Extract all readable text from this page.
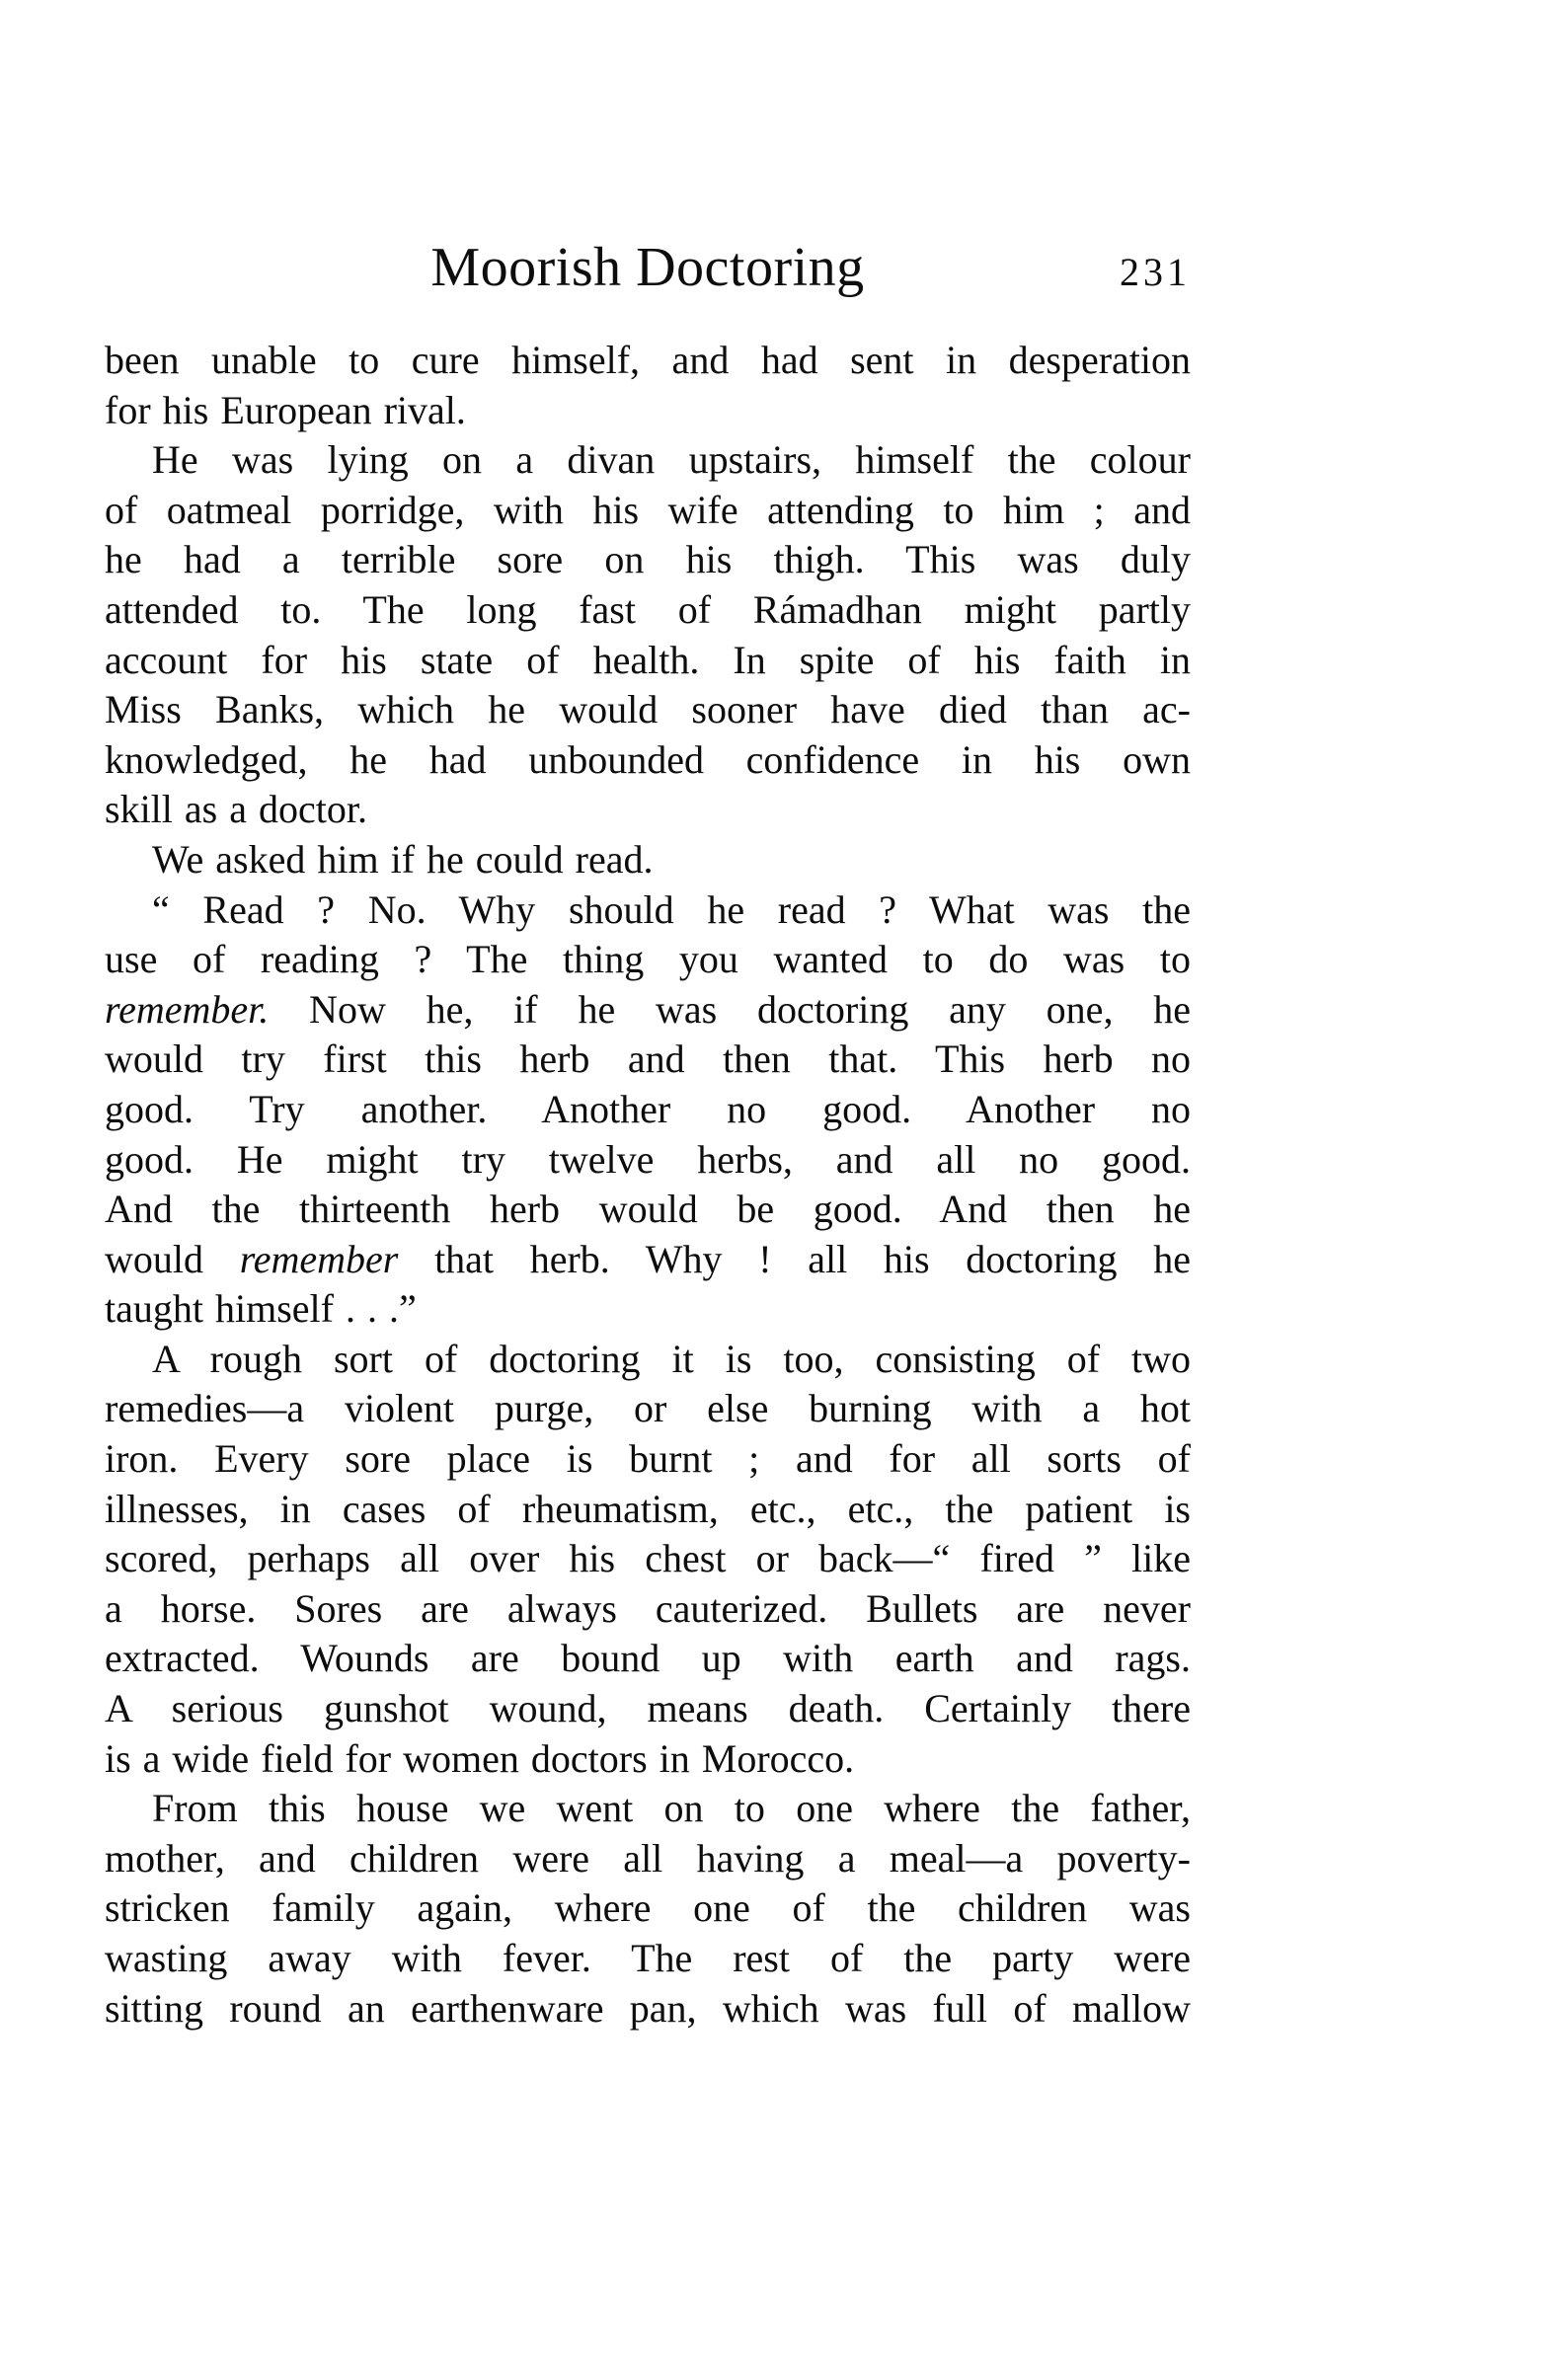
Moorish Doctoring	231
been unable to cure himself, and had sent in desperation
for his European rival.
He was lying on a divan upstairs, himself the colour
of oatmeal porridge, with his wife attending to him ; and
he had a terrible sore on his thigh. This was duly
attended to. The long fast of Rámadhan might partly
account for his state of health. In spite of his faith in
Miss Banks, which he would sooner have died than ac-
knowledged, he had unbounded confidence in his own
skill as a doctor.
We asked him if he could read.
“ Read ? No. Why should he read ? What was the
use of reading ? The thing you wanted to do was to
remember. Now he, if he was doctoring any one, he
would try first this herb and then that. This herb no
good. Try another. Another no good. Another no
good. He might try twelve herbs, and all no good.
And the thirteenth herb would be good. And then he
would remember that herb. Why ! all his doctoring he
taught himself . . .”
A rough sort of doctoring it is too, consisting of two
remedies—a violent purge, or else burning with a hot
iron. Every sore place is burnt ; and for all sorts of
illnesses, in cases of rheumatism, etc., etc., the patient is
scored, perhaps all over his chest or back—“ fired ” like
a horse. Sores are always cauterized. Bullets are never
extracted. Wounds are bound up with earth and rags.
A serious gunshot wound, means death. Certainly there
is a wide field for women doctors in Morocco.
From this house we went on to one where the father,
mother, and children were all having a meal—a poverty-
stricken family again, where one of the children was
wasting away with fever. The rest of the party were
sitting round an earthenware pan, which was full of mallow
